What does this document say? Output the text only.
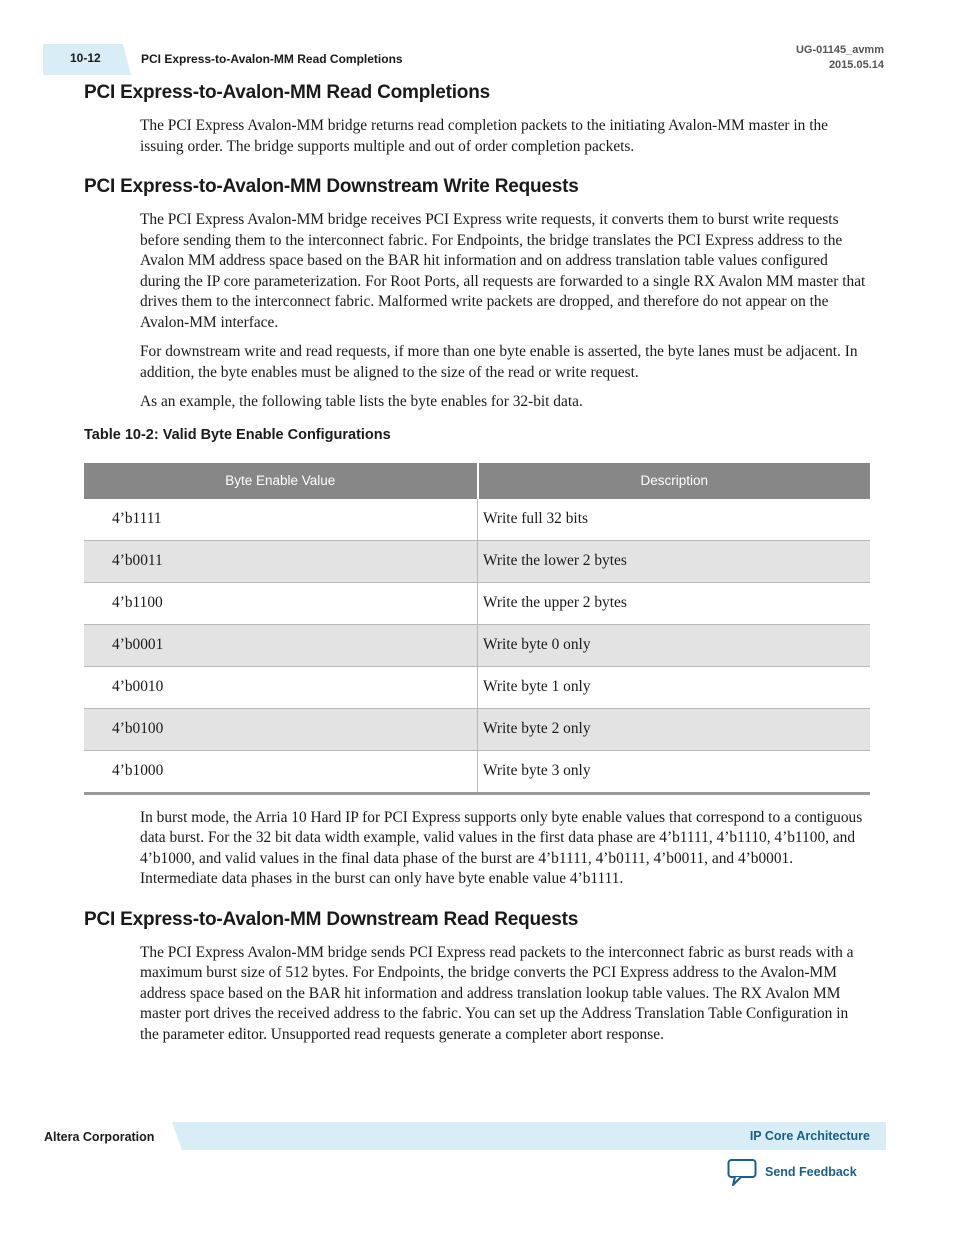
10-12	PCI Express-to-Avalon-MM Read Completions
UG-01145_avmm
2015.05.14
PCI Express-to-Avalon-MM Read Completions

The PCI Express Avalon-MM bridge returns read completion packets to the initiating Avalon-MM master in the issuing order. The bridge supports multiple and out of order completion packets.

PCI Express-to-Avalon-MM Downstream Write Requests

The PCI Express Avalon-MM bridge receives PCI Express write requests, it converts them to burst write requests before sending them to the interconnect fabric. For Endpoints, the bridge translates the PCI Express address to the Avalon MM address space based on the BAR hit information and on address translation table values configured during the IP core parameterization. For Root Ports, all requests are forwarded to a single RX Avalon MM master that drives them to the interconnect fabric. Malformed write packets are dropped, and therefore do not appear on the Avalon-MM interface.

For downstream write and read requests, if more than one byte enable is asserted, the byte lanes must be adjacent. In addition, the byte enables must be aligned to the size of the read or write request.

As an example, the following table lists the byte enables for 32-bit data.

Table 10-2: Valid Byte Enable Configurations
Byte Enable Value	Description
4’b1111	Write full 32 bits
4’b0011	Write the lower 2 bytes
4’b1100	Write the upper 2 bytes
4’b0001	Write byte 0 only
4’b0010	Write byte 1 only
4’b0100	Write byte 2 only
4’b1000	Write byte 3 only

In burst mode, the Arria 10 Hard IP for PCI Express supports only byte enable values that correspond to a contiguous data burst. For the 32 bit data width example, valid values in the first data phase are 4’b1111, 4’b1110, 4’b1100, and 4’b1000, and valid values in the final data phase of the burst are 4’b1111, 4’b0111, 4’b0011, and 4’b0001. Intermediate data phases in the burst can only have byte enable value 4’b1111.

PCI Express-to-Avalon-MM Downstream Read Requests

The PCI Express Avalon-MM bridge sends PCI Express read packets to the interconnect fabric as burst reads with a maximum burst size of 512 bytes. For Endpoints, the bridge converts the PCI Express address to the Avalon-MM address space based on the BAR hit information and address translation lookup table values. The RX Avalon MM master port drives the received address to the fabric. You can set up the Address Translation Table Configuration in the parameter editor. Unsupported read requests generate a completer abort response.

Altera Corporation	IP Core Architecture
Send Feedback
